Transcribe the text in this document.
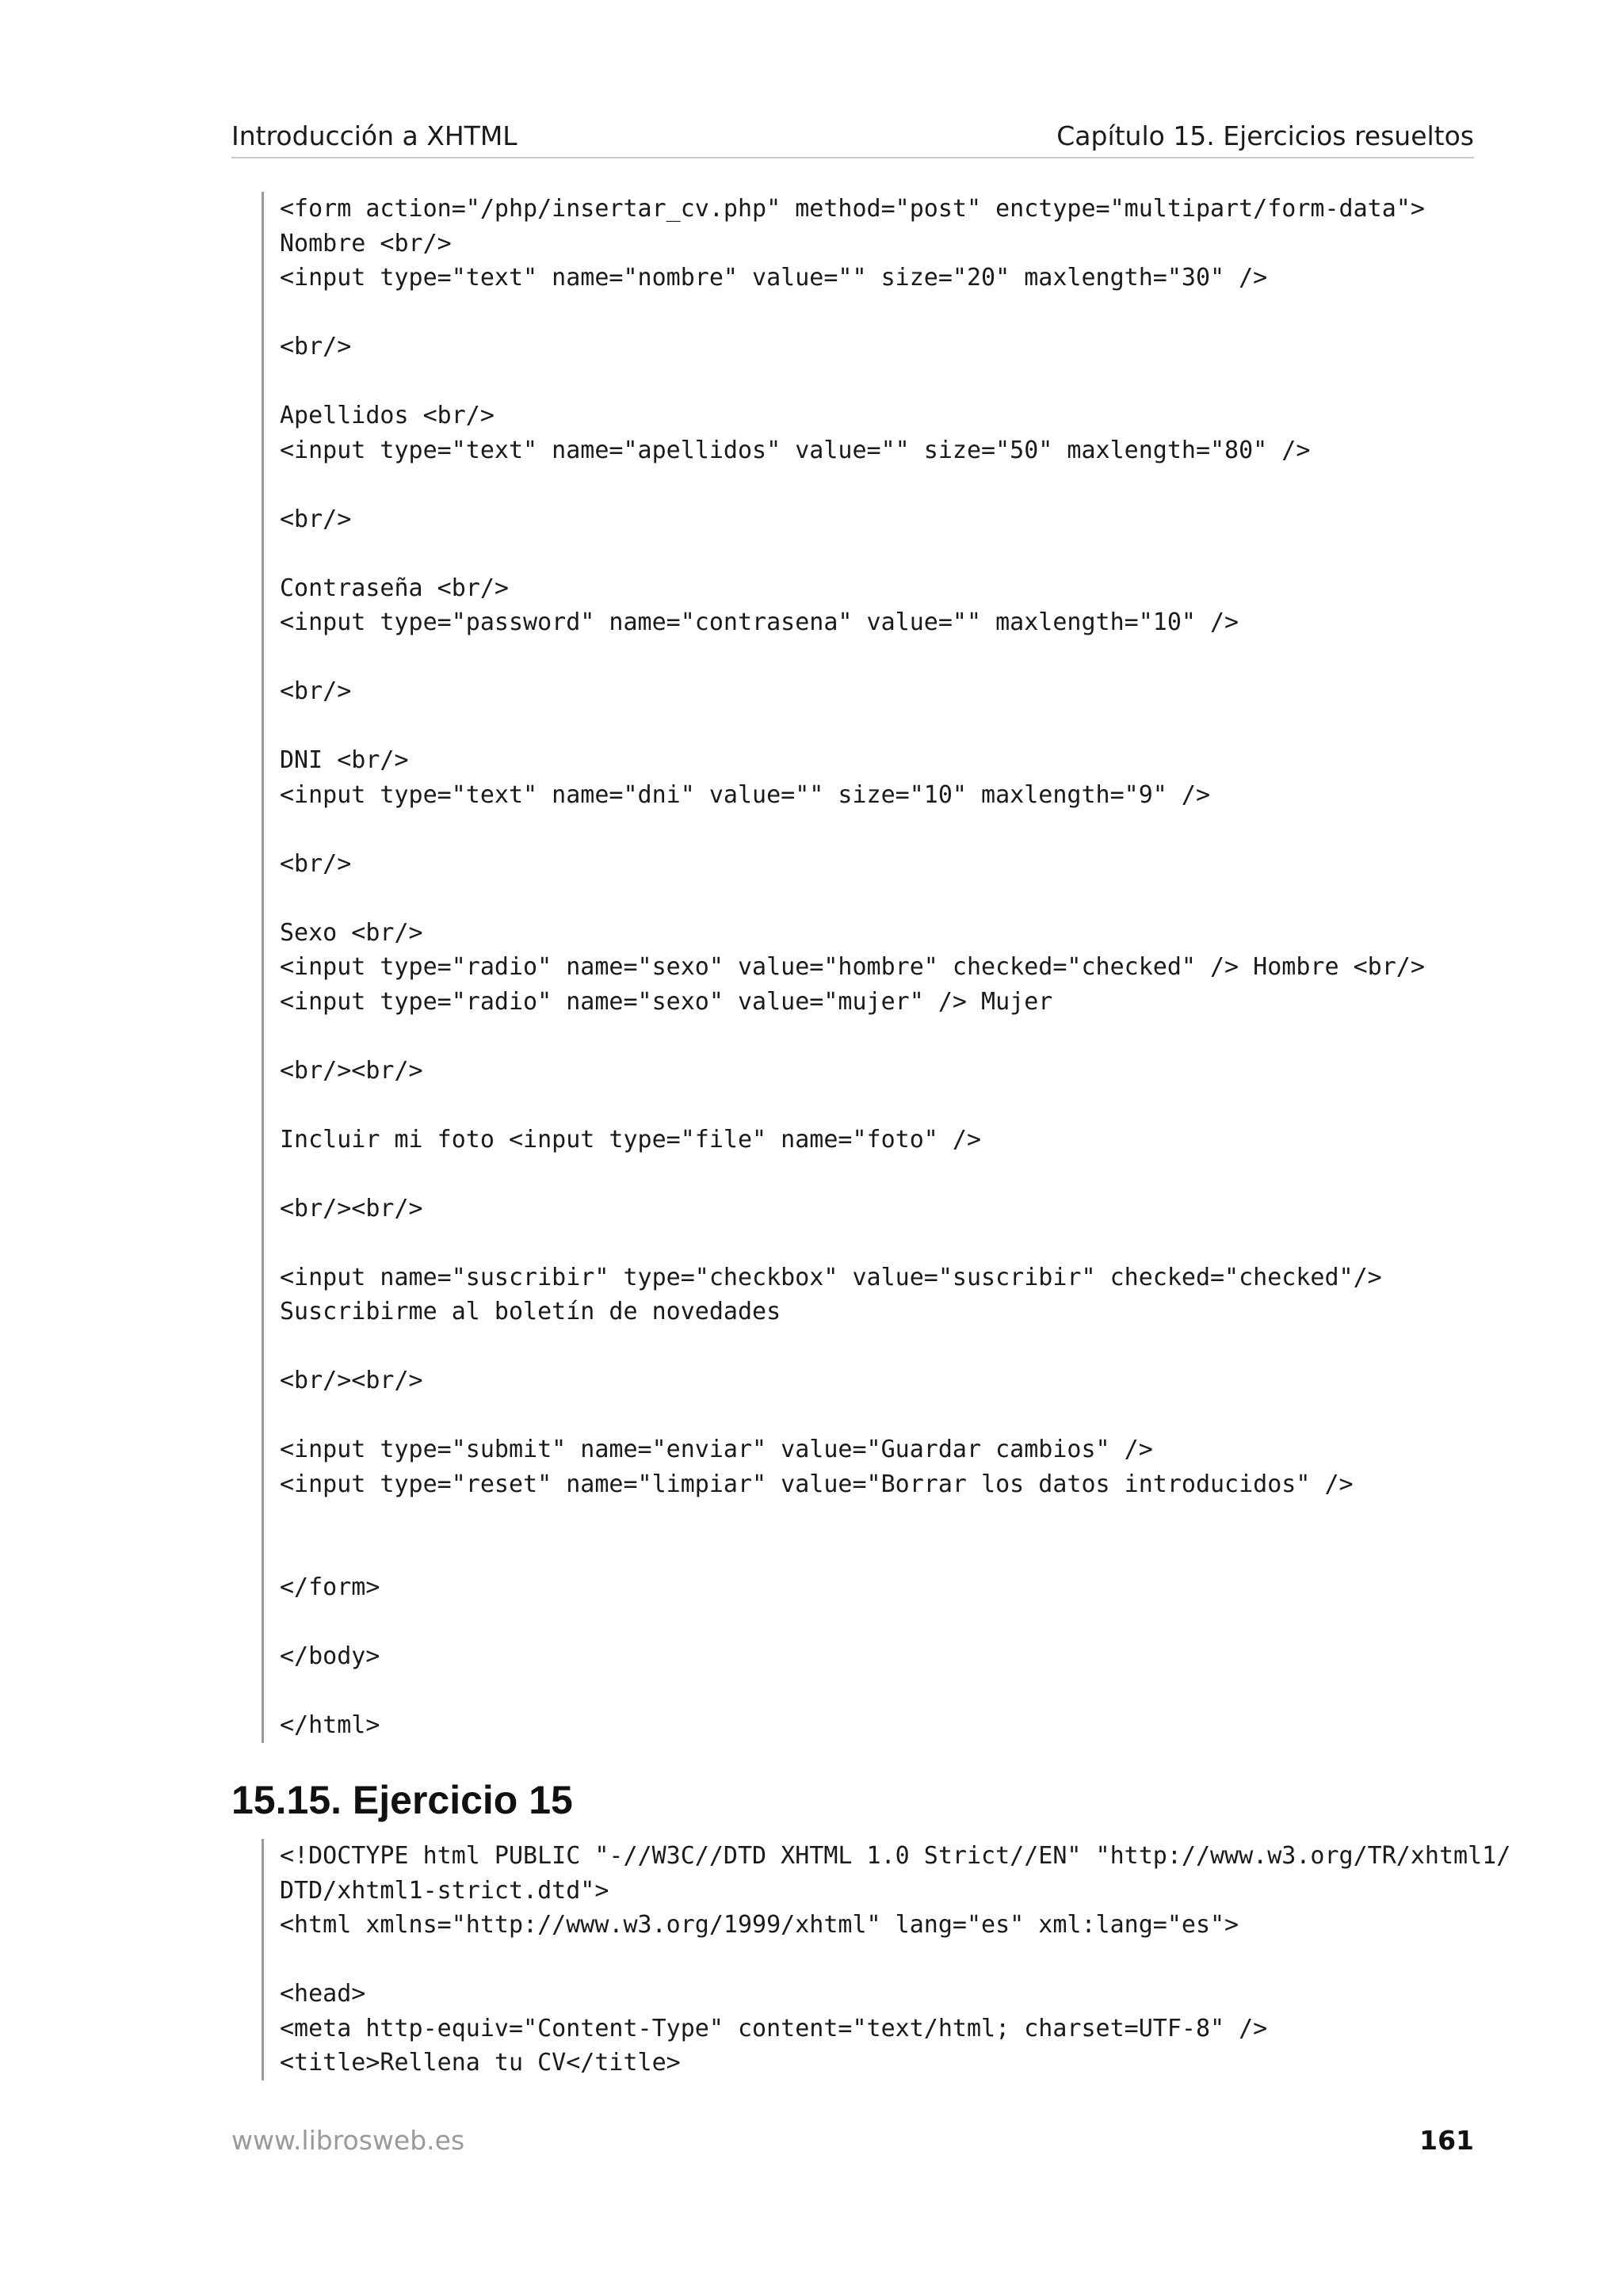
Introducción a XHTML	Capítulo 15. Ejercicios resueltos
<form action="/php/insertar_cv.php" method="post" enctype="multipart/form-data">
Nombre <br/>
<input type="text" name="nombre" value="" size="20" maxlength="30" />
<br/>
Apellidos <br/>
<input type="text" name="apellidos" value="" size="50" maxlength="80" />
<br/>
Contraseña <br/>
<input type="password" name="contrasena" value="" maxlength="10" />
<br/>
DNI <br/>
<input type="text" name="dni" value="" size="10" maxlength="9" />
<br/>
Sexo <br/>
<input type="radio" name="sexo" value="hombre" checked="checked" /> Hombre <br/>
<input type="radio" name="sexo" value="mujer" /> Mujer
<br/><br/>
Incluir mi foto <input type="file" name="foto" />
<br/><br/>
<input name="suscribir" type="checkbox" value="suscribir" checked="checked"/>
Suscribirme al boletín de novedades
<br/><br/>
<input type="submit" name="enviar" value="Guardar cambios" />
<input type="reset" name="limpiar" value="Borrar los datos introducidos" />
</form>
</body>
</html>
15.15. Ejercicio 15
<!DOCTYPE html PUBLIC "-//W3C//DTD XHTML 1.0 Strict//EN" "http://www.w3.org/TR/xhtml1/
DTD/xhtml1-strict.dtd">
<html xmlns="http://www.w3.org/1999/xhtml" lang="es" xml:lang="es">
<head>
<meta http-equiv="Content-Type" content="text/html; charset=UTF-8" />
<title>Rellena tu CV</title>
www.librosweb.es	161
